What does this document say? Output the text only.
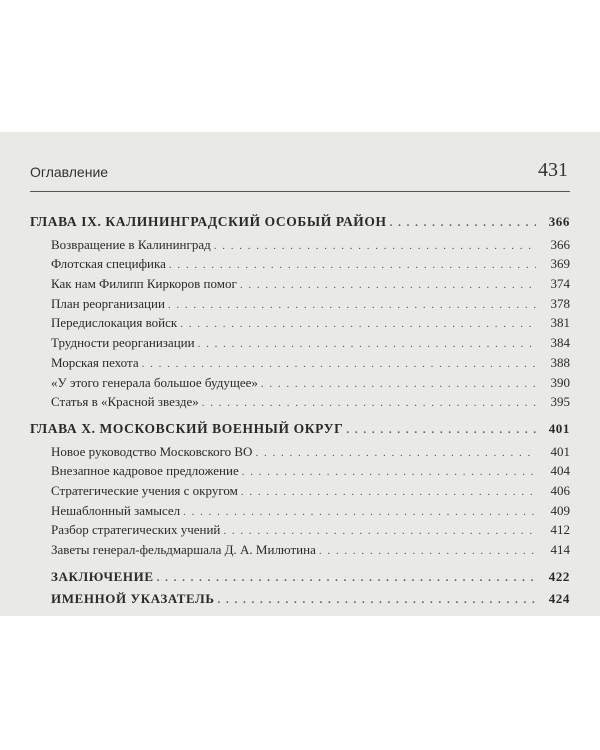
Оглавление	431
ГЛАВА IX. КАЛИНИНГРАДСКИЙ ОСОБЫЙ РАЙОН . . .	366
Возвращение в Калининград . . .	366
Флотская специфика . . .	369
Как нам Филипп Киркоров помог . . .	374
План реорганизации . . .	378
Передислокация войск . . .	381
Трудности реорганизации . . .	384
Морская пехота . . .	388
«У этого генерала большое будущее» . . .	390
Статья в «Красной звезде» . . .	395
ГЛАВА X. МОСКОВСКИЙ ВОЕННЫЙ ОКРУГ . . .	401
Новое руководство Московского ВО . . .	401
Внезапное кадровое предложение . . .	404
Стратегические учения с округом . . .	406
Нешаблонный замысел . . .	409
Разбор стратегических учений . . .	412
Заветы генерал-фельдмаршала Д. А. Милютина . . .	414
ЗАКЛЮЧЕНИЕ . . .	422
ИМЕННОЙ УКАЗАТЕЛЬ . . .	424
